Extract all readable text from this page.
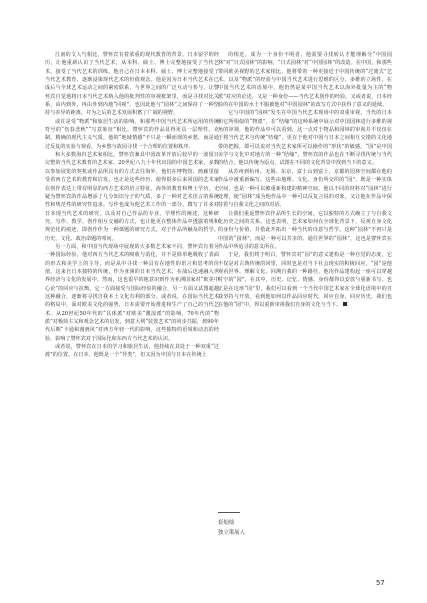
江南的文人气相比，譬怀宾有着浓重的现代教育的背景。日本留学的经历，让他重新认识了当代艺术，从本科、硕士、博士完整地接受了当代艺术，接受了当代艺术的训练。他自己在日本本科、硕士、博士完整地接受了当代艺术教育，逐渐浸染现代艺术的价值观念。他是因为日本当代艺术在已成后与全球艺术运动之间的紧密联系，与世界之间的广泛互动与参与，让譬怀宾自觉地将日本当代艺术纳入他的批判性的审视框架里，而是寻找对比关系，由内到外，再由外到内地“回视”。也因此他与“园林”之间保持了一种坚持与差异的距离，并为之后的艺术发展积蓄了广阔的视野。

或许是受“物派”和旅居生活的影响，和那些中国当代艺术所运用的传统符号的“伤春悲秋”“写意象征”相比，譬怀宾的作品显得更具一层理性、克制、精确的现代主义气质。他的“地域情感”不只是一瞬而现的乡愁，而是通过反复的实验与观看，为乡愁与故园寻找一个合理的位置和秩序。

和大多数海归艺术家相比，譬怀宾兼具中国改革开放后较早的一波留日完整的当代艺术教育的艺术家。20世纪八九十年代出国的中国艺术家，多数以参加展览的契机或作品所具有的方式去往海外，他们在博物馆、画廊里接受着西方艺术的教育和启发，也正是这些经历，使得很多后来回国的艺术家在创作表达上带有明显的西方艺术的语言特征。海外的教育和博士学历，无疑为譬怀宾的作品增添了几分知识分子的气质，多了一种对艺术语言的系统性和规范性的研究性追求。写作也成为他艺术工作的一部分，撰写了许多对日本现当代艺术的研究，以及对自己作品的专业、学理性的阐述。这种研究、写作、教学、创作相互交融的方式，也让他更在整体作品中透露着规和规范化的痕迹，即创作作为一种课题的研究方式，对于作品所触及的哲学、历史、文化、政治命题的叩问。

另一方面，和中国当代现场中展现的大多数艺术家不同，譬怀宾有着另一种国际经验。他对西方当代艺术的吸收与消化，并不是简单地吸收了表面的形式和美学上的主导，而是从中寻找一种具有在地性的语言和思考的价值。这来自日本独特的传统，作为亚洲的日本当代艺术，在战后迅速融入世界经济与文化的发展中。然而，这也很早的地意识到作为亚洲国家对“欧美中心论”的回应与抗衡，它一方面接受与国际经验的融合，另一方面又试图超越这种融合，逐渐将寻找自我本土文化有利的部分。或者说，在国际当代艺术的格局中，面对欧美文化的强势，日本需要开始推进和生产了自己的当代艺术。从20世纪50年代的“具体派”对欧美“激浪派”的影响，70年代的“物派”对极简主义和观念艺术的启发，到意大利“装置艺术”的同步共振，到90年代后期“卡通和漫画风”对西方年轻一代的影响，这些独特的语境和动态的经验，影响了譬怀宾对于国际化和东西方当代艺术的认识。

或者说，譬怀宾在日本的学习和旅居生活，他持续在其处于一种双重“过渡”的位置。在日本，他既是一个“异类”，但又因为中国与日本在传统上

的相近，成为一个身份不明者。他需要寻找转认才能理解分“中国园林”对“日式园林”的影响，“日式园林”对“中国园林”的改造。在中国，和那些带回欧美视野的艺术家相比，他将带着一种更接近于中国传统的“过渡式”艺术。以及“物派”的经验与中国当代艺术进行思维的区分，多维的立场性。在中国当代艺术的语境中，他仍然是某中国当代艺术以海外批量为主的“物派”对应的论述，又是一种身份——当代艺术创作的经验。又或者说，日本经验的在中国的水土不服被他对“中国园林”的改写方式中获得了意义的延续。

它与中国的“园林”发生在中国当代艺术现场中的双重审视。当代的日本和它所相似的“物派”，在“结缘”的这种系统中展示对中国园林进行多维的视角的审视，他的作品中可以看到，这一点对于物品和园林的审视并不仅仅在于将当代艺术与传统“结缘”，更在于他对中国与日本之间相互交错的文化地带的把握，即可以说对当代艺术家所可以操作的“形状”的敏感。“园”是中国美学与文化中对地方的一种“结缘”，譬怀宾的作品也在不断寻找传统与当代的结合，他以传统为原点，试图在不同的文化背景中找到当下的意义。

从苏州到杭州、无锡、东京、富士山到富士、京都的园林空间都在他的作品中被重新编写。这些由地理、文化、身份所交织的“园”，既是一种实体空间，也是一种可以被重新构建的精神空间。他以不同的材料对“园林”进行处理，使“园林”成为他作品中一种可以反复言说的对象，又让他在作品中保持着与自我文化之间的对话。

让我们重返譬怀宾作品所生长的空间，它以独特的方式确立了与自我文化历史之间的关系。这也表明，艺术家如何在全球化背景下，反观自身文化的身份与价值，并借此开拓出一种当代的诗意与哲学。这种“园林”不再只是中国的“园林”，而是一种可以共享的、通往世界的“园林”，这也是譬怀宾在作品中所追寻的意义所在。

于是，我们终于明白，譬怀宾对“园”的意义建构是一种自觉的态度，它不仅是对古典传统的回望，同时也是对当下社会现实的积极回应，“园”是他观看世界、理解文化、回溯自我的一种路径，他用作品建构起一座可以穿越时空的“园”，在其中，历史、记忆、情感、身份都得以安放与重新书写。也正是在这座“园”里，我们可以看到一个当代中国艺术家在全球化语境中的自我坚持与开放，看到他如何以作品回应时代，回应自身，回应历史，我们也在他的“园”中，得以重新审视我们自身的文化与当下。

崔灿灿
独立策展人
57
